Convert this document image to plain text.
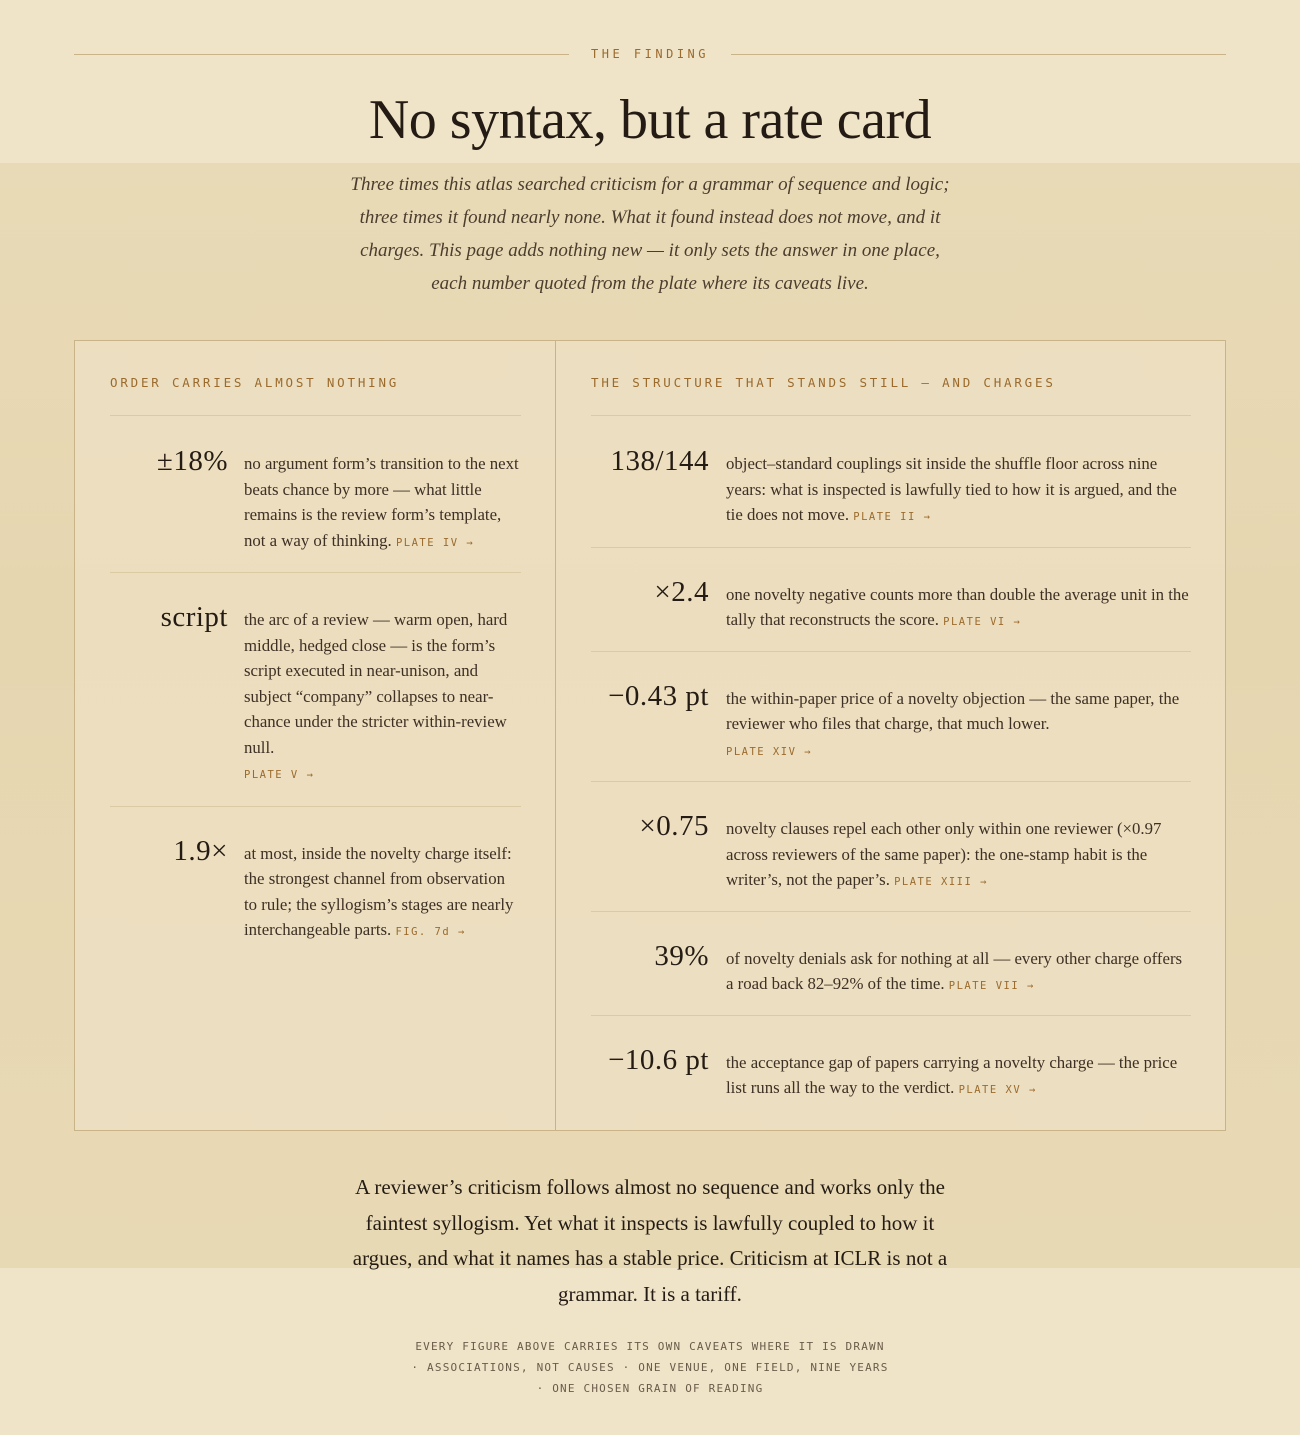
THE FINDING
No syntax, but a rate card

Three times this atlas searched criticism for a grammar of sequence and logic; three times it found nearly none. What it found instead does not move, and it charges. This page adds nothing new — it only sets the answer in one place, each number quoted from the plate where its caveats live.

ORDER CARRIES ALMOST NOTHING
±18% no argument form’s transition to the next beats chance by more — what little remains is the review form’s template, not a way of thinking. PLATE IV →
script the arc of a review — warm open, hard middle, hedged close — is the form’s script executed in near-unison, and subject “company” collapses to near-chance under the stricter within-review null.
PLATE V →
1.9× at most, inside the novelty charge itself: the strongest channel from observation to rule; the syllogism’s stages are nearly interchangeable parts. FIG. 7d →
THE STRUCTURE THAT STANDS STILL — AND CHARGES
138/144	object–standard couplings sit inside the shuffle floor across nine years: what is inspected is lawfully tied to how it is argued, and the tie does not move. PLATE II →
×2.4	one novelty negative counts more than double the average unit in the tally that reconstructs the score. PLATE VI →
−0.43 pt	the within-paper price of a novelty objection — the same paper, the reviewer who files that charge, that much lower.
PLATE XIV →
×0.75	novelty clauses repel each other only within one reviewer (×0.97 across reviewers of the same paper): the one-stamp habit is the writer’s, not the paper’s. PLATE XIII →
39%	of novelty denials ask for nothing at all — every other charge offers a road back 82–92% of the time. PLATE VII →
−10.6 pt	the acceptance gap of papers carrying a novelty charge — the price list runs all the way to the verdict. PLATE XV →

A reviewer’s criticism follows almost no sequence and works only the faintest syllogism. Yet what it inspects is lawfully coupled to how it argues, and what it names has a stable price. Criticism at ICLR is not a grammar. It is a tariff.

EVERY FIGURE ABOVE CARRIES ITS OWN CAVEATS WHERE IT IS DRAWN · ASSOCIATIONS, NOT CAUSES · ONE VENUE, ONE FIELD, NINE YEARS · ONE CHOSEN GRAIN OF READING
